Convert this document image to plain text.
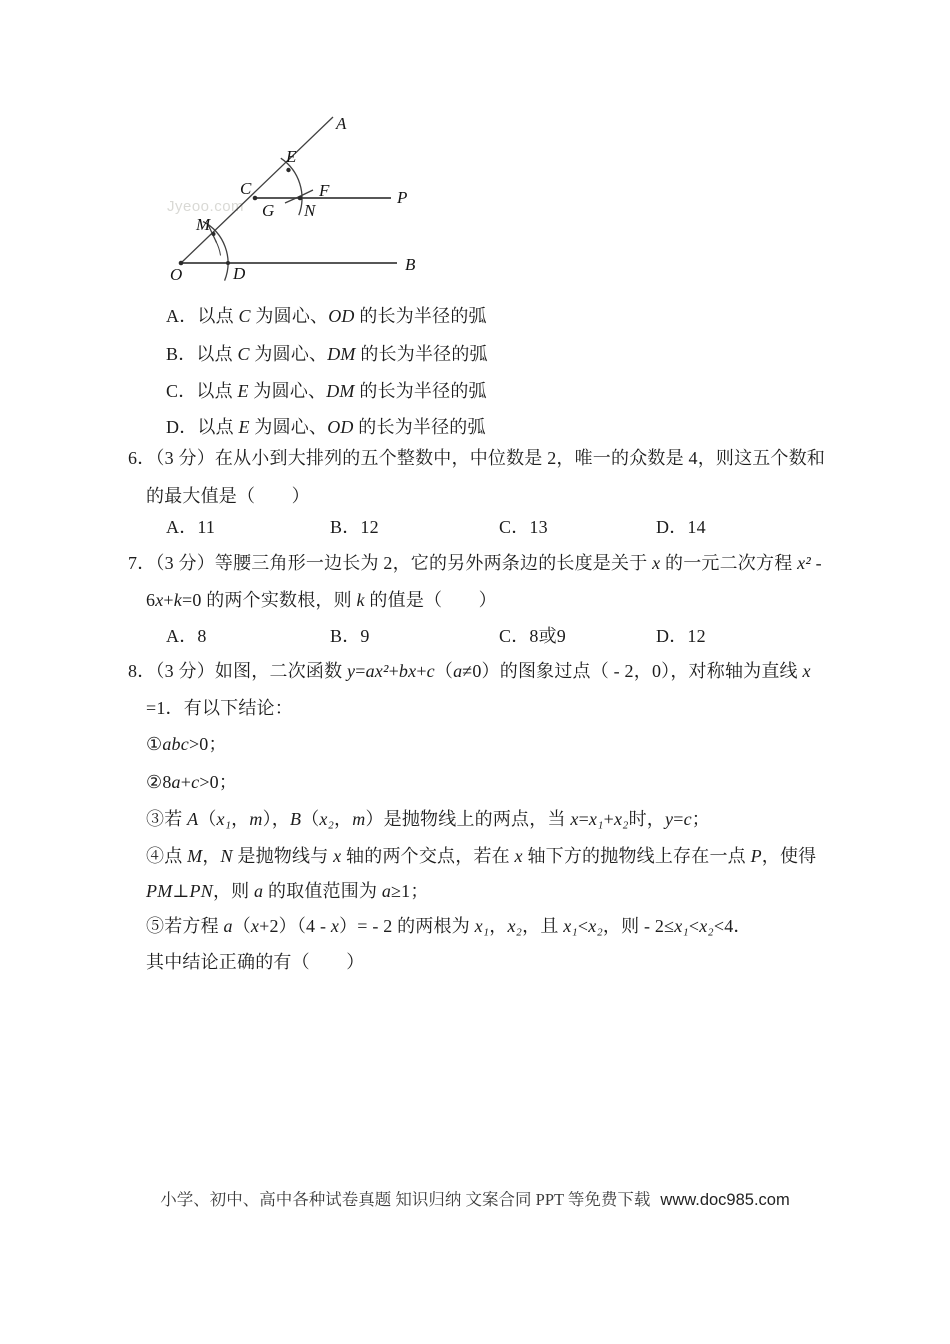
Jyeoo.com
A
E
C	F	P
G N
M
O	D	B
A．以点 C 为圆心、OD 的长为半径的弧
B．以点 C 为圆心、DM 的长为半径的弧
C．以点 E 为圆心、DM 的长为半径的弧
D．以点 E 为圆心、OD 的长为半径的弧
6．（3 分）在从小到大排列的五个整数中，中位数是 2，唯一的众数是 4，则这五个数和
的最大值是（　　）
A．11	B．12	C．13	D．14
7．（3 分）等腰三角形一边长为 2，它的另外两条边的长度是关于 x 的一元二次方程 x² -
6x+k=0 的两个实数根，则 k 的值是（　　）
A．8	B．9	C．8或9	D．12
8．（3 分）如图，二次函数 y=ax²+bx+c（a≠0）的图象过点（ - 2，0），对称轴为直线 x
=1．有以下结论：
①abc>0；
②8a+c>0；
③若 A（x₁，m），B（x₂，m）是抛物线上的两点，当 x=x₁+x₂时，y=c；
④点 M，N 是抛物线与 x 轴的两个交点，若在 x 轴下方的抛物线上存在一点 P，使得
PM⊥PN，则 a 的取值范围为 a≥1；
⑤若方程 a（x+2）（4 - x）= - 2 的两根为 x₁，x₂，且 x₁<x₂，则 - 2≤x₁<x₂<4．
其中结论正确的有（　　）
小学、初中、高中各种试卷真题 知识归纳 文案合同 PPT 等免费下载 www.doc985.com
